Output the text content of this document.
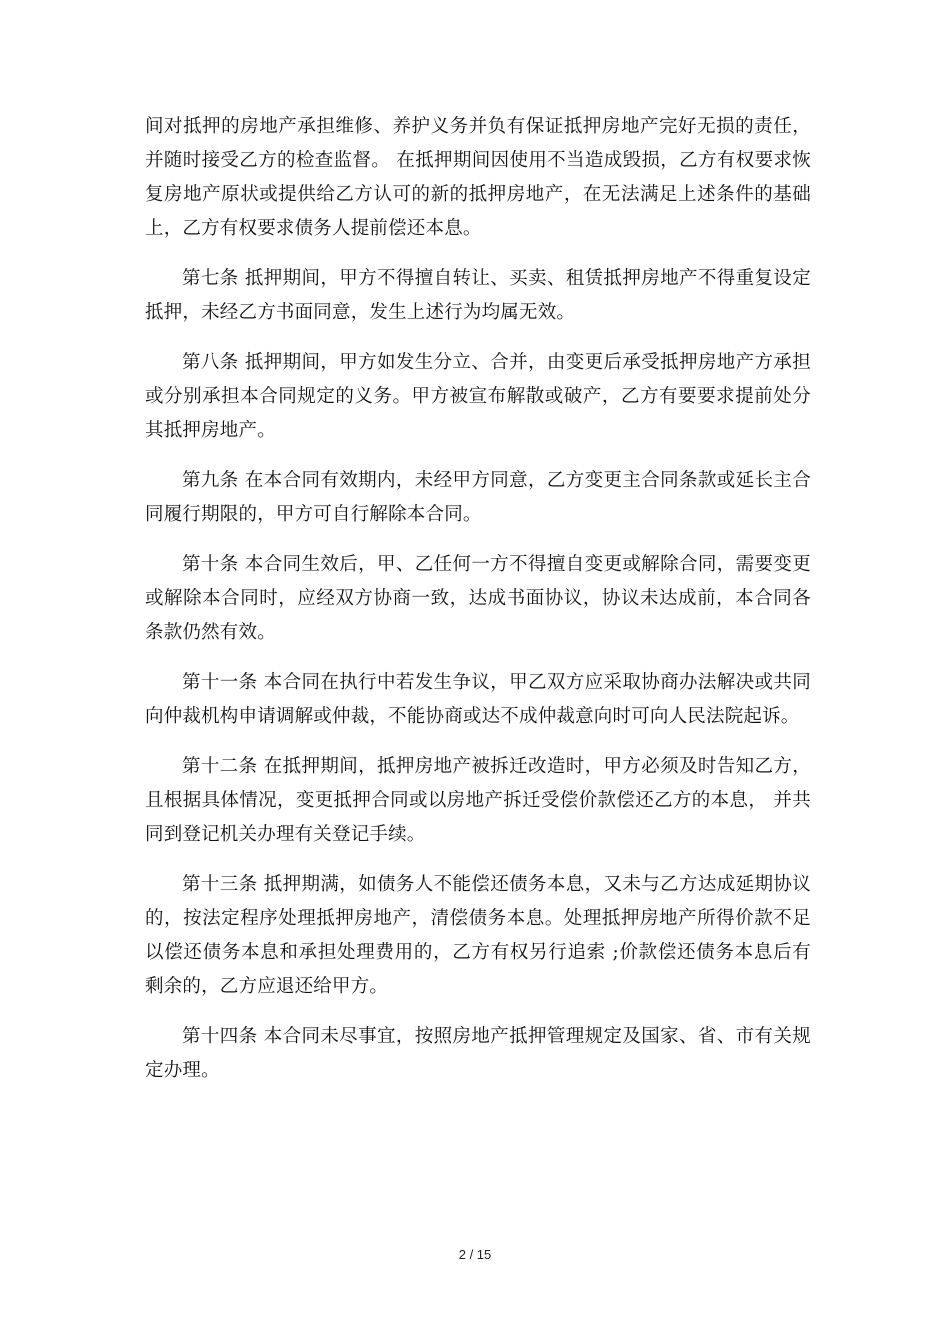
间对抵押的房地产承担维修、养护义务并负有保证抵押房地产完好无损的责任，并随时接受乙方的检查监督。 在抵押期间因使用不当造成毁损，乙方有权要求恢复房地产原状或提供给乙方认可的新的抵押房地产，在无法满足上述条件的基础上，乙方有权要求债务人提前偿还本息。

第七条 抵押期间，甲方不得擅自转让、买卖、租赁抵押房地产不得重复设定抵押，未经乙方书面同意，发生上述行为均属无效。

第八条 抵押期间，甲方如发生分立、合并，由变更后承受抵押房地产方承担或分别承担本合同规定的义务。甲方被宣布解散或破产，乙方有要要求提前处分其抵押房地产。

第九条 在本合同有效期内，未经甲方同意，乙方变更主合同条款或延长主合同履行期限的，甲方可自行解除本合同。

第十条 本合同生效后，甲、乙任何一方不得擅自变更或解除合同，需要变更或解除本合同时，应经双方协商一致，达成书面协议，协议未达成前，本合同各条款仍然有效。

第十一条 本合同在执行中若发生争议，甲乙双方应采取协商办法解决或共同向仲裁机构申请调解或仲裁，不能协商或达不成仲裁意向时可向人民法院起诉。

第十二条 在抵押期间，抵押房地产被拆迁改造时，甲方必须及时告知乙方，且根据具体情况，变更抵押合同或以房地产拆迁受偿价款偿还乙方的本息， 并共同到登记机关办理有关登记手续。

第十三条 抵押期满，如债务人不能偿还债务本息，又未与乙方达成延期协议的，按法定程序处理抵押房地产，清偿债务本息。处理抵押房地产所得价款不足以偿还债务本息和承担处理费用的，乙方有权另行追索 ;价款偿还债务本息后有剩余的，乙方应退还给甲方。

第十四条 本合同未尽事宜，按照房地产抵押管理规定及国家、省、市有关规定办理。

2 / 15
